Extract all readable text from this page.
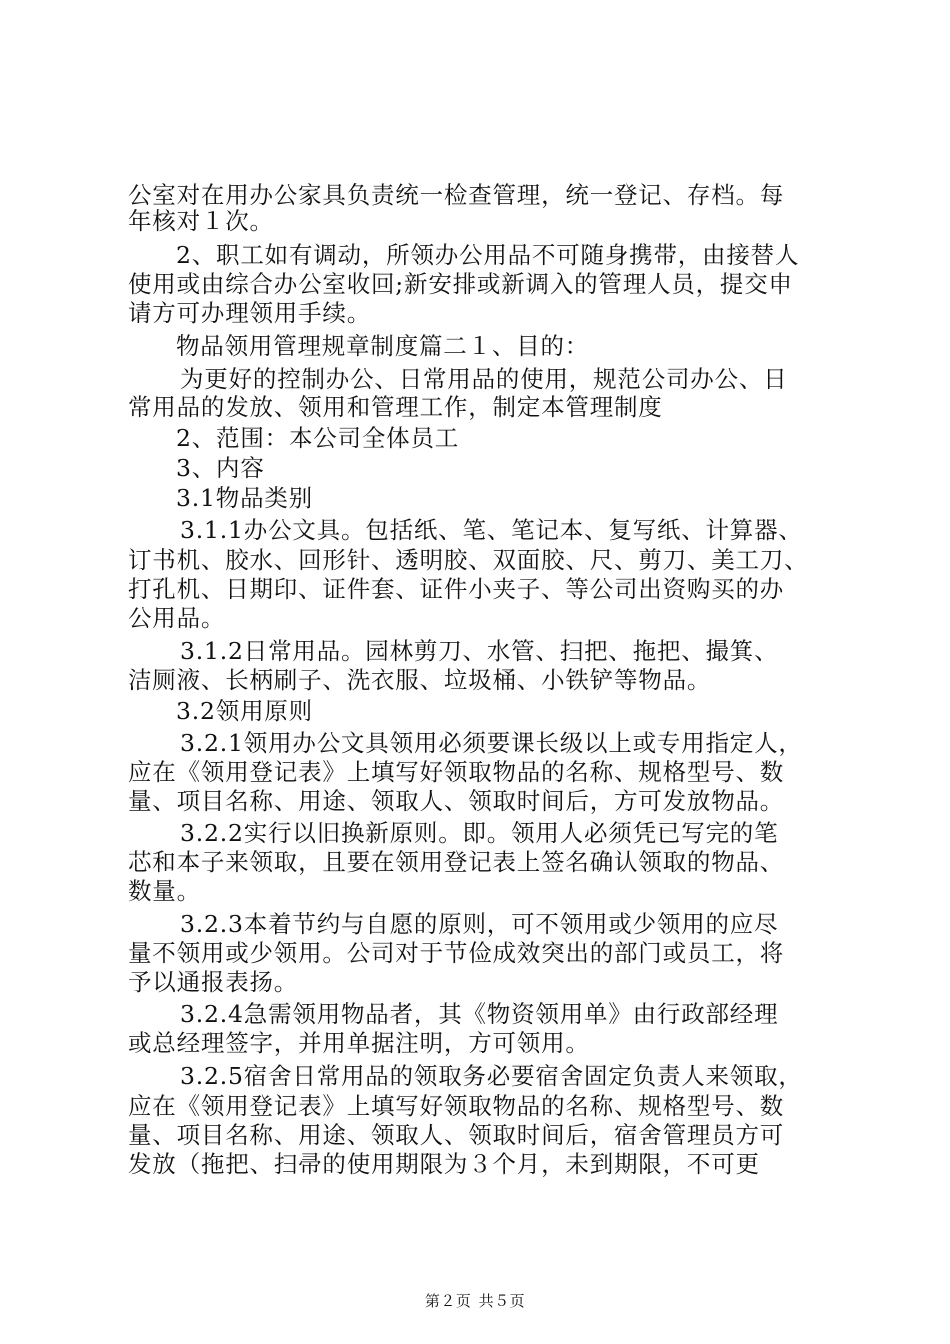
公室对在用办公家具负责统一检查管理，统一登记、存档。每
年核对１次。
2、职工如有调动，所领办公用品不可随身携带，由接替人
使用或由综合办公室收回;新安排或新调入的管理人员，提交申
请方可办理领用手续。
物品领用管理规章制度篇二１、目的：
为更好的控制办公、日常用品的使用，规范公司办公、日
常用品的发放、领用和管理工作，制定本管理制度
2、范围：本公司全体员工
3、内容
3.1物品类别
3.1.1办公文具。包括纸、笔、笔记本、复写纸、计算器、
订书机、胶水、回形针、透明胶、双面胶、尺、剪刀、美工刀、
打孔机、日期印、证件套、证件小夹子、等公司出资购买的办
公用品。
3.1.2日常用品。园林剪刀、水管、扫把、拖把、撮箕、
洁厕液、长柄刷子、洗衣服、垃圾桶、小铁铲等物品。
3.2领用原则
3.2.1领用办公文具领用必须要课长级以上或专用指定人，
应在《领用登记表》上填写好领取物品的名称、规格型号、数
量、项目名称、用途、领取人、领取时间后，方可发放物品。
3.2.2实行以旧换新原则。即。领用人必须凭已写完的笔
芯和本子来领取，且要在领用登记表上签名确认领取的物品、
数量。
3.2.3本着节约与自愿的原则，可不领用或少领用的应尽
量不领用或少领用。公司对于节俭成效突出的部门或员工，将
予以通报表扬。
3.2.4急需领用物品者，其《物资领用单》由行政部经理
或总经理签字，并用单据注明，方可领用。
3.2.5宿舍日常用品的领取务必要宿舍固定负责人来领取，
应在《领用登记表》上填写好领取物品的名称、规格型号、数
量、项目名称、用途、领取人、领取时间后，宿舍管理员方可
发放（拖把、扫帚的使用期限为３个月，未到期限，不可更
第２页 共５页
